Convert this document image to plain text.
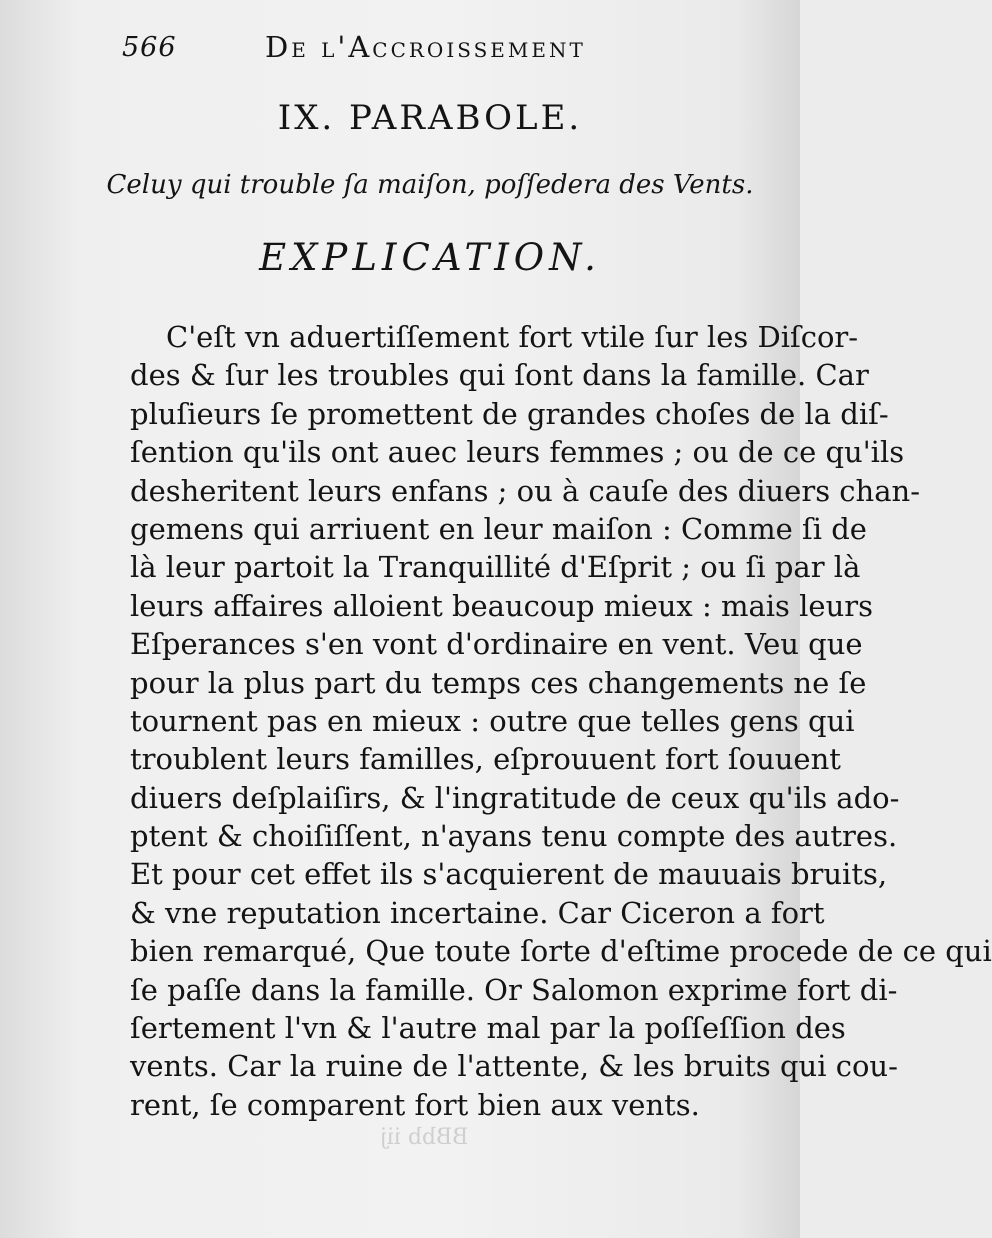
566	De l'Accroissement
IX. PARABOLE.
Celuy qui trouble ſa maiſon, poſſedera des Vents.
EXPLICATION.
C'eſt vn aduertiſſement fort vtile ſur les Diſcor-
des & ſur les troubles qui ſont dans la famille. Car
pluſieurs ſe promettent de grandes choſes de la diſ-
ſention qu'ils ont auec leurs femmes ; ou de ce qu'ils
desheritent leurs enfans ; ou à cauſe des diuers chan-
gemens qui arriuent en leur maiſon : Comme ſi de
là leur partoit la Tranquillité d'Eſprit ; ou ſi par là
leurs affaires alloient beaucoup mieux : mais leurs
Eſperances s'en vont d'ordinaire en vent. Veu que
pour la plus part du temps ces changements ne ſe
tournent pas en mieux : outre que telles gens qui
troublent leurs familles, eſprouuent fort ſouuent
diuers deſplaiſirs, & l'ingratitude de ceux qu'ils ado-
ptent & choiſiſſent, n'ayans tenu compte des autres.
Et pour cet effet ils s'acquierent de mauuais bruits,
& vne reputation incertaine. Car Ciceron a fort
bien remarqué, Que toute ſorte d'eſtime procede de ce qui
ſe paſſe dans la famille. Or Salomon exprime fort di-
ſertement l'vn & l'autre mal par la poſſeſſion des
vents. Car la ruine de l'attente, & les bruits qui cou-
rent, ſe comparent fort bien aux vents.
BBbb iij
